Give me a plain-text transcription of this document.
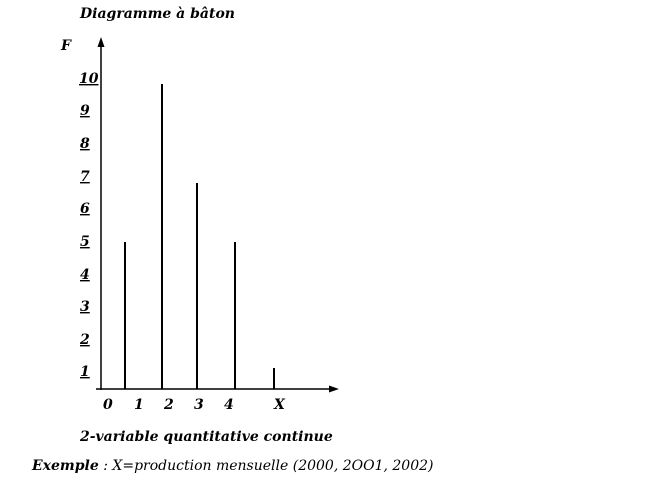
Diagramme à bâton
F
1
2
3
4
5
6
7
8
9
10
0 1 2 3 4	X
2-variable quantitative continue
Exemple : X=production mensuelle (2000, 2OO1, 2002)
